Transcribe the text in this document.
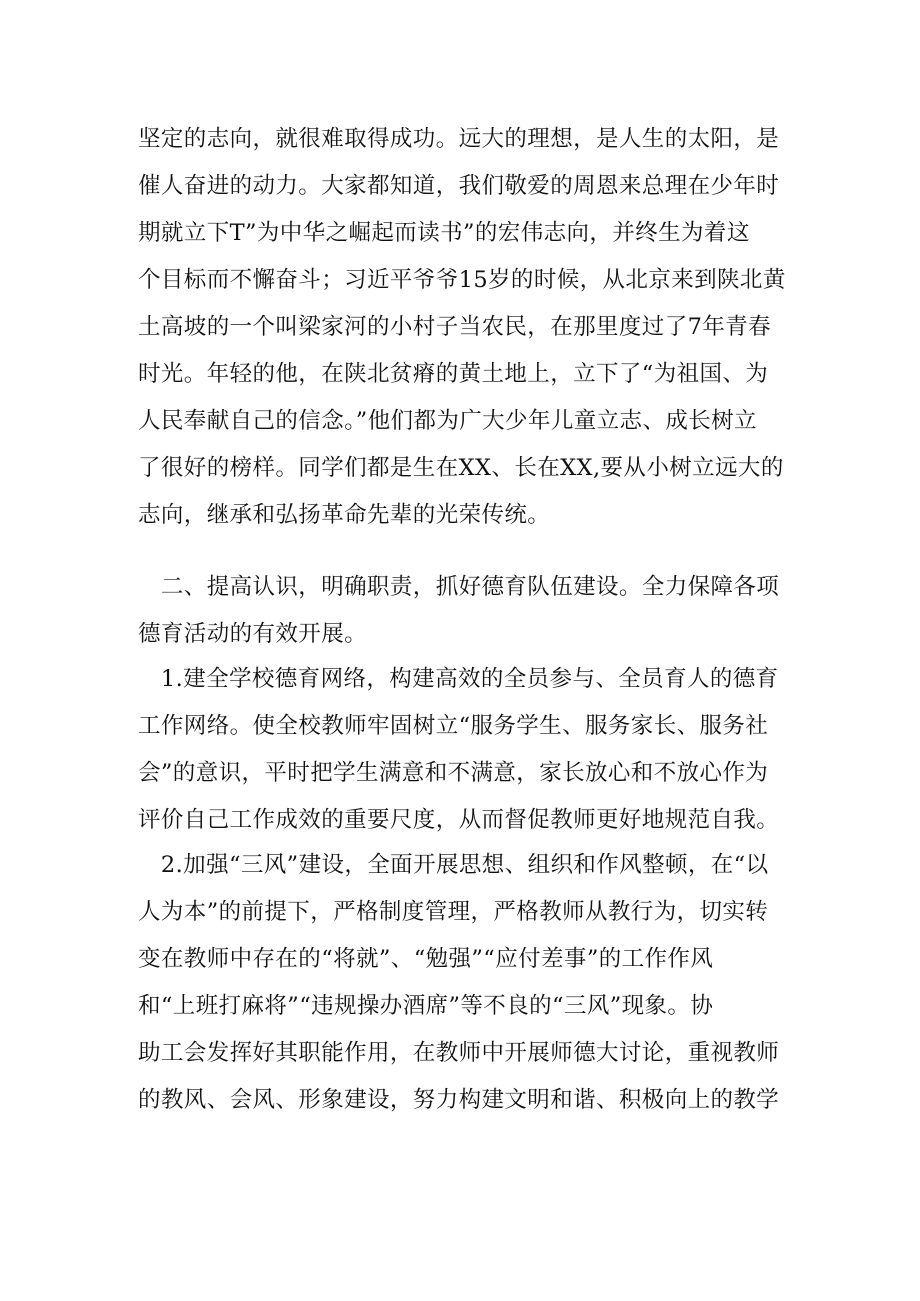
坚定的志向，就很难取得成功。远大的理想，是人生的太阳，是
催人奋进的动力。大家都知道，我们敬爱的周恩来总理在少年时
期就立下T”为中华之崛起而读书”的宏伟志向，并终生为着这
个目标而不懈奋斗；习近平爷爷15岁的时候，从北京来到陕北黄
土高坡的一个叫梁家河的小村子当农民，在那里度过了7年青春
时光。年轻的他，在陕北贫瘠的黄土地上，立下了“为祖国、为
人民奉献自己的信念。”他们都为广大少年儿童立志、成长树立
了很好的榜样。同学们都是生在XX、长在XX,要从小树立远大的
志向，继承和弘扬革命先辈的光荣传统。
　二、提高认识，明确职责，抓好德育队伍建设。全力保障各项
德育活动的有效开展。
　1.建全学校德育网络，构建高效的全员参与、全员育人的德育
工作网络。使全校教师牢固树立“服务学生、服务家长、服务社
会”的意识，平时把学生满意和不满意，家长放心和不放心作为
评价自己工作成效的重要尺度，从而督促教师更好地规范自我。
　2.加强“三风”建设，全面开展思想、组织和作风整顿，在“以
人为本”的前提下，严格制度管理，严格教师从教行为，切实转
变在教师中存在的“将就”、“勉强”“应付差事”的工作作风
和“上班打麻将”“违规操办酒席”等不良的“三风”现象。协
助工会发挥好其职能作用，在教师中开展师德大讨论，重视教师
的教风、会风、形象建设，努力构建文明和谐、积极向上的教学
